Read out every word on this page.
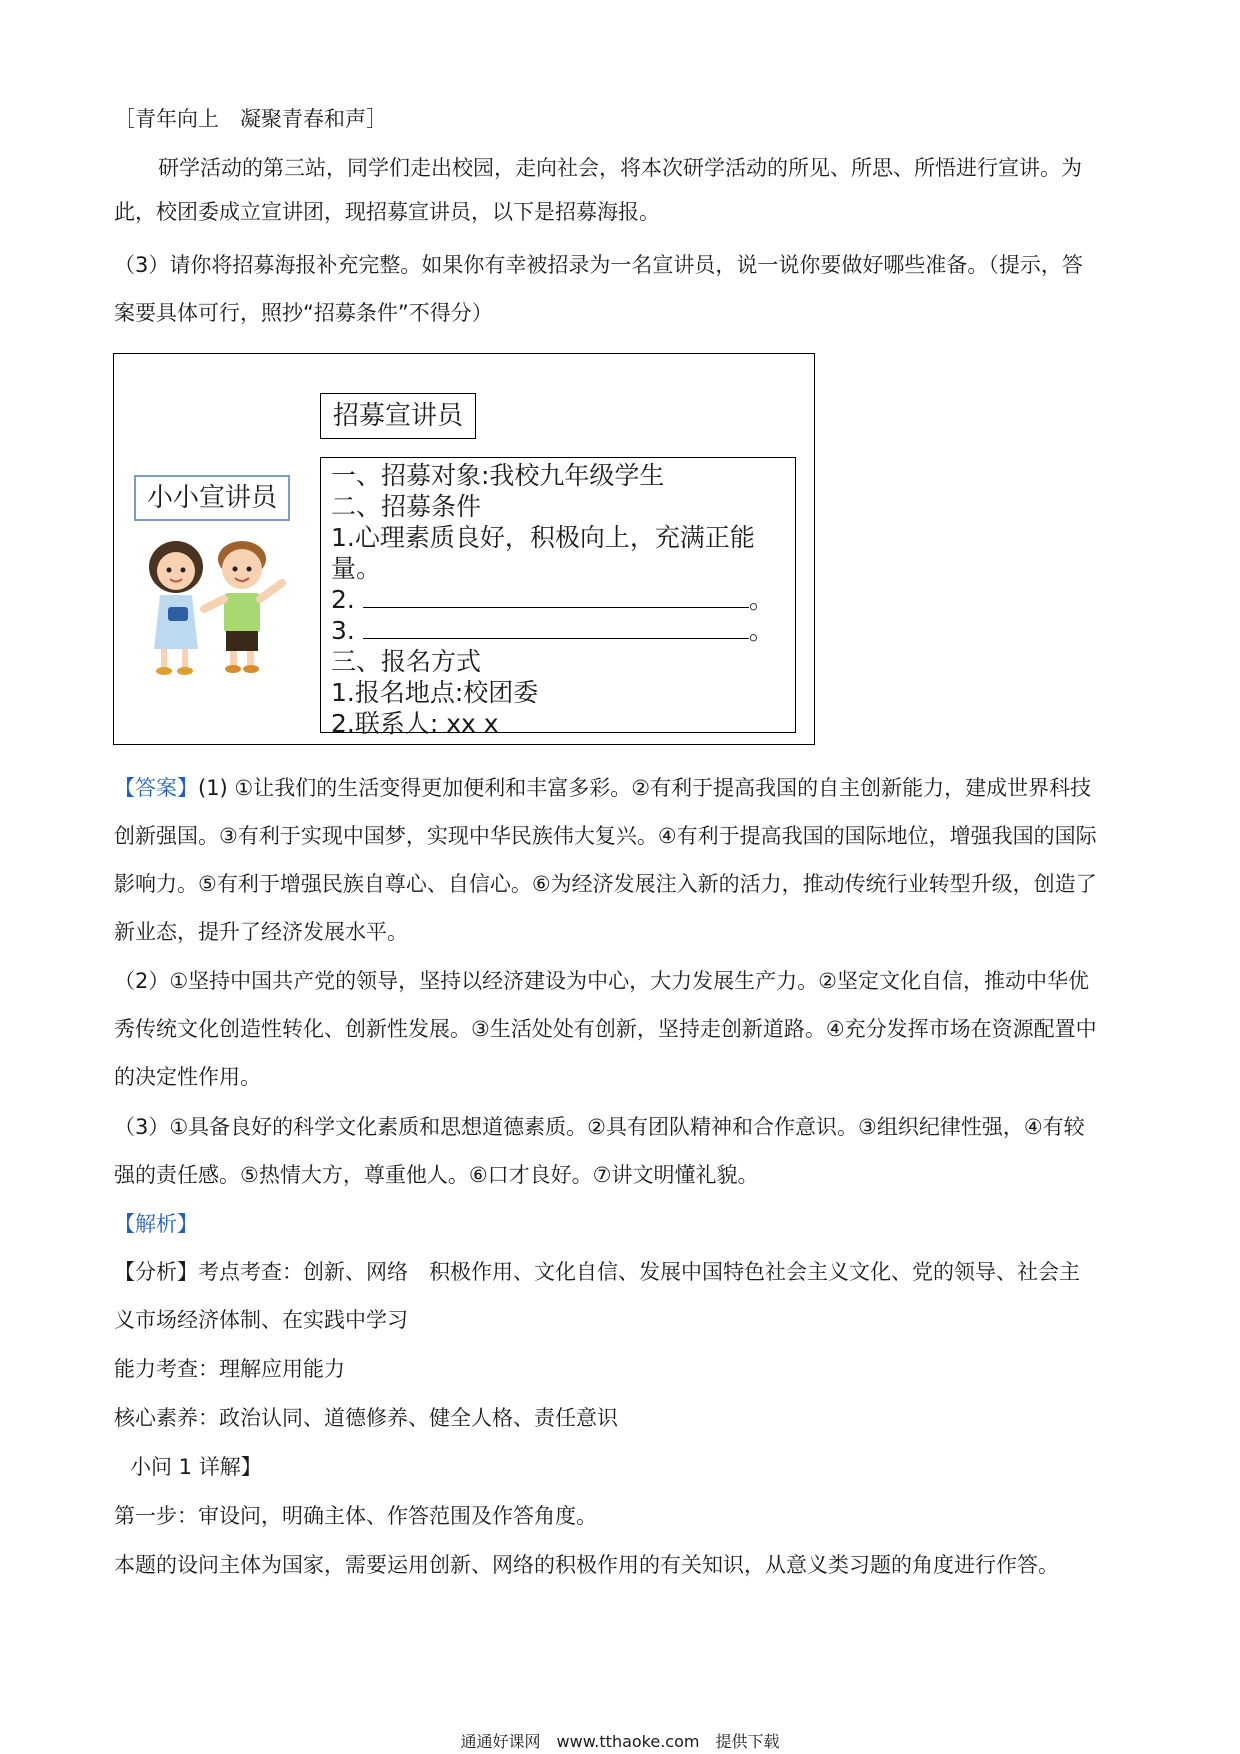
［青年向上　凝聚青春和声］
研学活动的第三站，同学们走出校园，走向社会，将本次研学活动的所见、所思、所悟进行宣讲。为
此，校团委成立宣讲团，现招募宣讲员，以下是招募海报。
（3）请你将招募海报补充完整。如果你有幸被招录为一名宣讲员，说一说你要做好哪些准备。（提示，答
案要具体可行，照抄“招募条件”不得分）
招募宣讲员
小小宣讲员
一、招募对象:我校九年级学生
二、招募条件
1.心理素质良好，积极向上，充满正能
量。
2.	。
3.	。
三、报名方式
1.报名地点:校团委
2.联系人: xx x
【答案】(1) ①让我们的生活变得更加便利和丰富多彩。②有利于提高我国的自主创新能力，建成世界科技
创新强国。③有利于实现中国梦，实现中华民族伟大复兴。④有利于提高我国的国际地位，增强我国的国际
影响力。⑤有利于增强民族自尊心、自信心。⑥为经济发展注入新的活力，推动传统行业转型升级，创造了
新业态，提升了经济发展水平。
（2）①坚持中国共产党的领导，坚持以经济建设为中心，大力发展生产力。②坚定文化自信，推动中华优
秀传统文化创造性转化、创新性发展。③生活处处有创新，坚持走创新道路。④充分发挥市场在资源配置中
的决定性作用。
（3）①具备良好的科学文化素质和思想道德素质。②具有团队精神和合作意识。③组织纪律性强，④有较
强的责任感。⑤热情大方，尊重他人。⑥口才良好。⑦讲文明懂礼貌。
【解析】
【分析】考点考查：创新、网络　积极作用、文化自信、发展中国特色社会主义文化、党的领导、社会主
义市场经济体制、在实践中学习
能力考查：理解应用能力
核心素养：政治认同、道德修养、健全人格、责任意识
小问 1 详解】
第一步：审设问，明确主体、作答范围及作答角度。
本题的设问主体为国家，需要运用创新、网络的积极作用的有关知识，从意义类习题的角度进行作答。
通通好课网　www.tthaoke.com　提供下载
